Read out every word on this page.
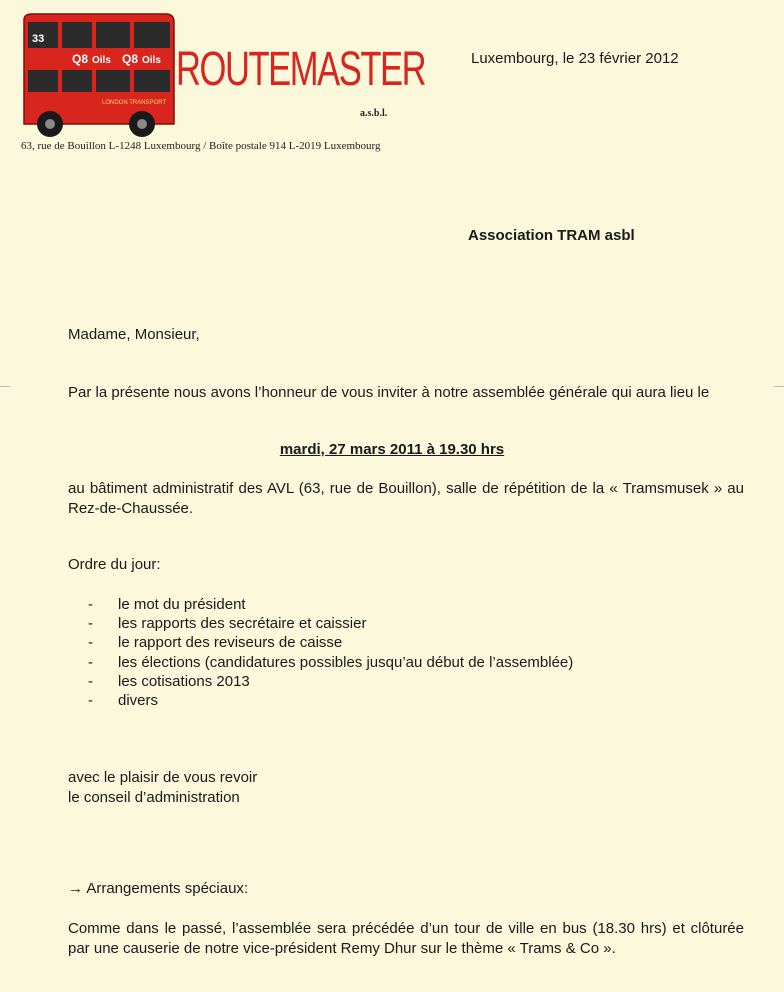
33
Q8 Oils Q8 Oils
LONDON TRANSPORT
ROUTEMASTER
a.s.b.l.
63, rue de Bouillon L-1248 Luxembourg / Boîte postale 914 L-2019 Luxembourg
Luxembourg, le 23 février 2012
Association TRAM asbl
Madame, Monsieur,
Par la présente nous avons l’honneur de vous inviter à notre assemblée générale qui aura lieu le
mardi, 27 mars 2011 à 19.30 hrs
au bâtiment administratif des AVL (63, rue de Bouillon), salle de répétition de la « Tramsmusek » au Rez-de-Chaussée.
Ordre du jour:
-	le mot du président
-	les rapports des secrétaire et caissier
-	le rapport des reviseurs de caisse
-	les élections (candidatures possibles jusqu’au début de l’assemblée)
-	les cotisations 2013
-	divers
avec le plaisir de vous revoir
le conseil d’administration
→ Arrangements spéciaux:
Comme dans le passé, l’assemblée sera précédée d’un tour de ville en bus (18.30 hrs) et clôturée par une causerie de notre vice-président Remy Dhur sur le thème « Trams & Co ».
